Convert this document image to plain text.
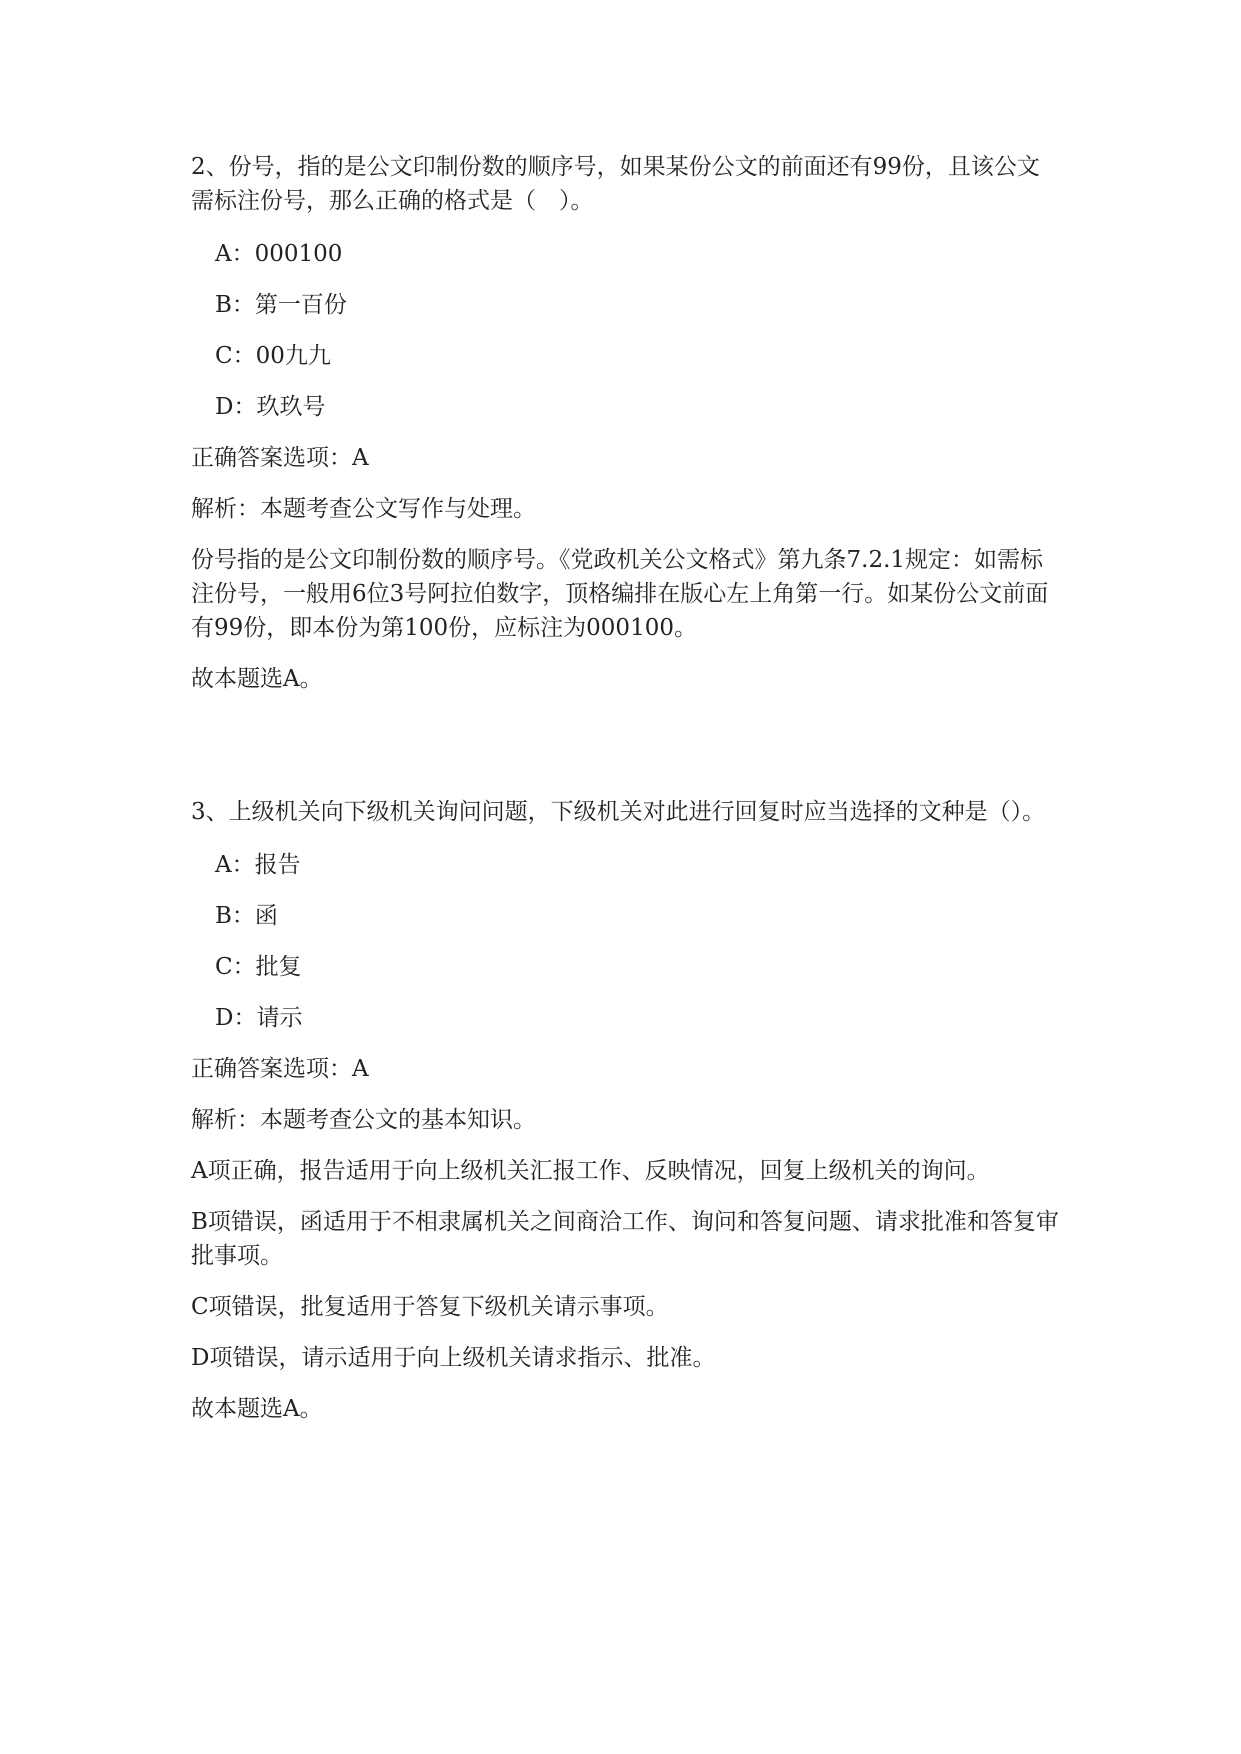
2、份号，指的是公文印制份数的顺序号，如果某份公文的前面还有99份，且该公文需标注份号，那么正确的格式是（　）。

A：000100

B：第一百份

C：00九九

D：玖玖号

正确答案选项：A

解析：本题考查公文写作与处理。

份号指的是公文印制份数的顺序号。《党政机关公文格式》第九条7.2.1规定：如需标注份号，一般用6位3号阿拉伯数字，顶格编排在版心左上角第一行。如某份公文前面有99份，即本份为第100份，应标注为000100。

故本题选A。

3、上级机关向下级机关询问问题，下级机关对此进行回复时应当选择的文种是（）。

A：报告

B：函

C：批复

D：请示

正确答案选项：A

解析：本题考查公文的基本知识。

A项正确，报告适用于向上级机关汇报工作、反映情况，回复上级机关的询问。

B项错误，函适用于不相隶属机关之间商洽工作、询问和答复问题、请求批准和答复审批事项。

C项错误，批复适用于答复下级机关请示事项。

D项错误，请示适用于向上级机关请求指示、批准。

故本题选A。
